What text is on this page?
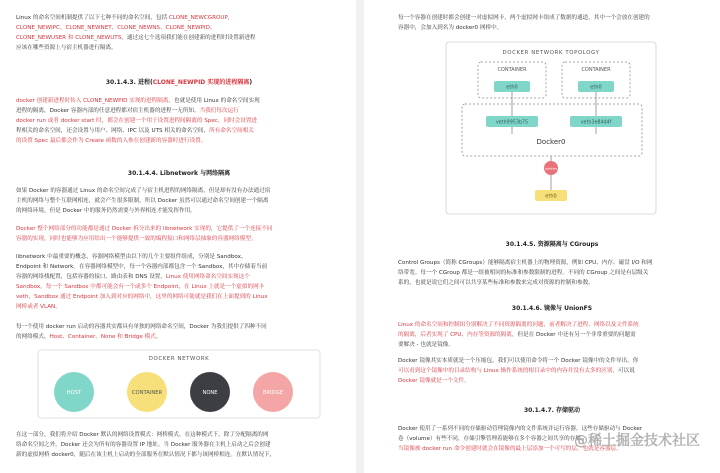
Linux 的命名空间机制提供了以下七种不同的命名空间，包括 CLONE_NEWCGROUP，

CLONE_NEWIPC、CLONE_NEWNET、CLONE_NEWNS、CLONE_NEWPID、

CLONE_NEWUSER 和 CLONE_NEWUTS，通过这七个选项我们能在创建新的进程时设置新进程

应该在哪些资源上与宿主机器进行隔离。

30.1.4.3. 进程(CLONE_NEWPID 实现的进程隔离)

docker 创建新进程时传入 CLONE_NEWPID 实现的进程隔离，也就是使用 Linux 的命名空间实现

进程的隔离，Docker 容器内部的任意进程都对宿主机器的进程一无所知。当我们每次运行

docker run 或者 docker start 时，都会在创建一个用于设置进程间隔离的 Spec，同时会设置进

程相关的命名空间，还会设置与用户、网络、IPC 以及 UTS 相关的命名空间，所有命名空间相关

的设置 Spec 最后都会作为 Create 函数的入参在创建新的容器时进行设置。

30.1.4.4. Libnetwork 与网络隔离

如果 Docker 的容器通过 Linux 的命名空间完成了与宿主机进程的网络隔离，但是却有没有办法通过宿

主机的网络与整个互联网相连，就会产生很多限制，所以 Docker 虽然可以通过命名空间创建一个隔离

的网络环境，但是 Docker 中的服务仍然需要与外界相连才能发挥作用。

Docker 整个网络部分的功能都是通过 Docker 拆分出来的 libnetwork 实现的，它提供了一个连接不同

容器的实现，同时也能够为应用给出一个能够提供一致的编程接口和网络层抽象的容器网络模型。

libnetwork 中最重要的概念，容器网络模型由以下的几个主要组件组成，分别是 Sandbox、

Endpoint 和 Network。在容器网络模型中，每一个容器内部都包含一个 Sandbox，其中存储着当前

容器的网络栈配置，包括容器的接口、路由表和 DNS 设置，Linux 使用网络命名空间实现这个

Sandbox，每一个 Sandbox 中都可能会有一个或多个 Endpoint，在 Linux 上就是一个虚拟的网卡

veth，Sandbox 通过 Endpoint 加入到对应的网络中，这里的网络可能就是我们在上面提到的 Linux

网桥或者 VLAN。

每一个使用 docker run 启动的容器其实都具有单独的网络命名空间，Docker 为我们提供了四种不同

的网络模式，Host、Container、None 和 Bridge 模式。

DOCKER NETWORK
HOST	CONTAINER	NONE	BRIDGE

在这一部分，我们将介绍 Docker 默认的网络设置模式：网桥模式。在这种模式下，除了分配隔离的网

络命名空间之外，Docker 还会为所有的容器设置 IP 地址。当 Docker 服务器在主机上启动之后会创建

新的虚拟网桥 docker0，随后在该主机上启动的全部服务在默认情况下都与该网桥相连。在默认情况下，

每一个容器在创建时都会创建一对虚拟网卡，两个虚拟网卡组成了数据的通道，其中一个会放在创建的

容器中，会加入到名为 docker0 网桥中。

DOCKER NETWORK TOPOLOGY
CONTAINER	CONTAINER
eth0	eth0
veth9953b75	veth3e84d4f
Docker0
iptables
eth0
30.1.4.5. 资源隔离与 CGroups

Control Groups（简称 CGroups）能够隔离宿主机器上的物理资源，例如 CPU、内存、磁盘 I/O 和网

络带宽。每一个 CGroup 都是一组被相同的标准和参数限制的进程。不同的 CGroup 之间是有层级关

系的，也就是说它们之间可以共享某些标准和参数来完成对资源的控制和参数。

30.1.4.6. 镜像与 UnionFS

Linux 的命名空间和控制组分别解决了不同资源隔离的问题，前者解决了进程、网络以及文件系统

的隔离，后者实现了 CPU、内存等资源的隔离，但是在 Docker 中还有另一个非常重要的问题需

要解决 - 也就是镜像。

Docker 镜像其实本质就是一个压缩包，我们可以使用命令将一个 Docker 镜像中的文件导出，你

可以看到这个镜像中的目录结构与 Linux 操作系统的根目录中的内容并没有太多的区别，可以说

Docker 镜像就是一个文件。

30.1.4.7. 存储驱动

Docker 使用了一系列不同的存储驱动管理镜像内的文件系统并运行容器，这些存储驱动与 Docker

卷（volume）有些不同，存储引擎管理着能够在多个容器之间共享的存储。

当镜像被 docker run 命令创建时就会在镜像的最上层添加一个可写的层，也就是容器层，

@稀土掘金技术社区
